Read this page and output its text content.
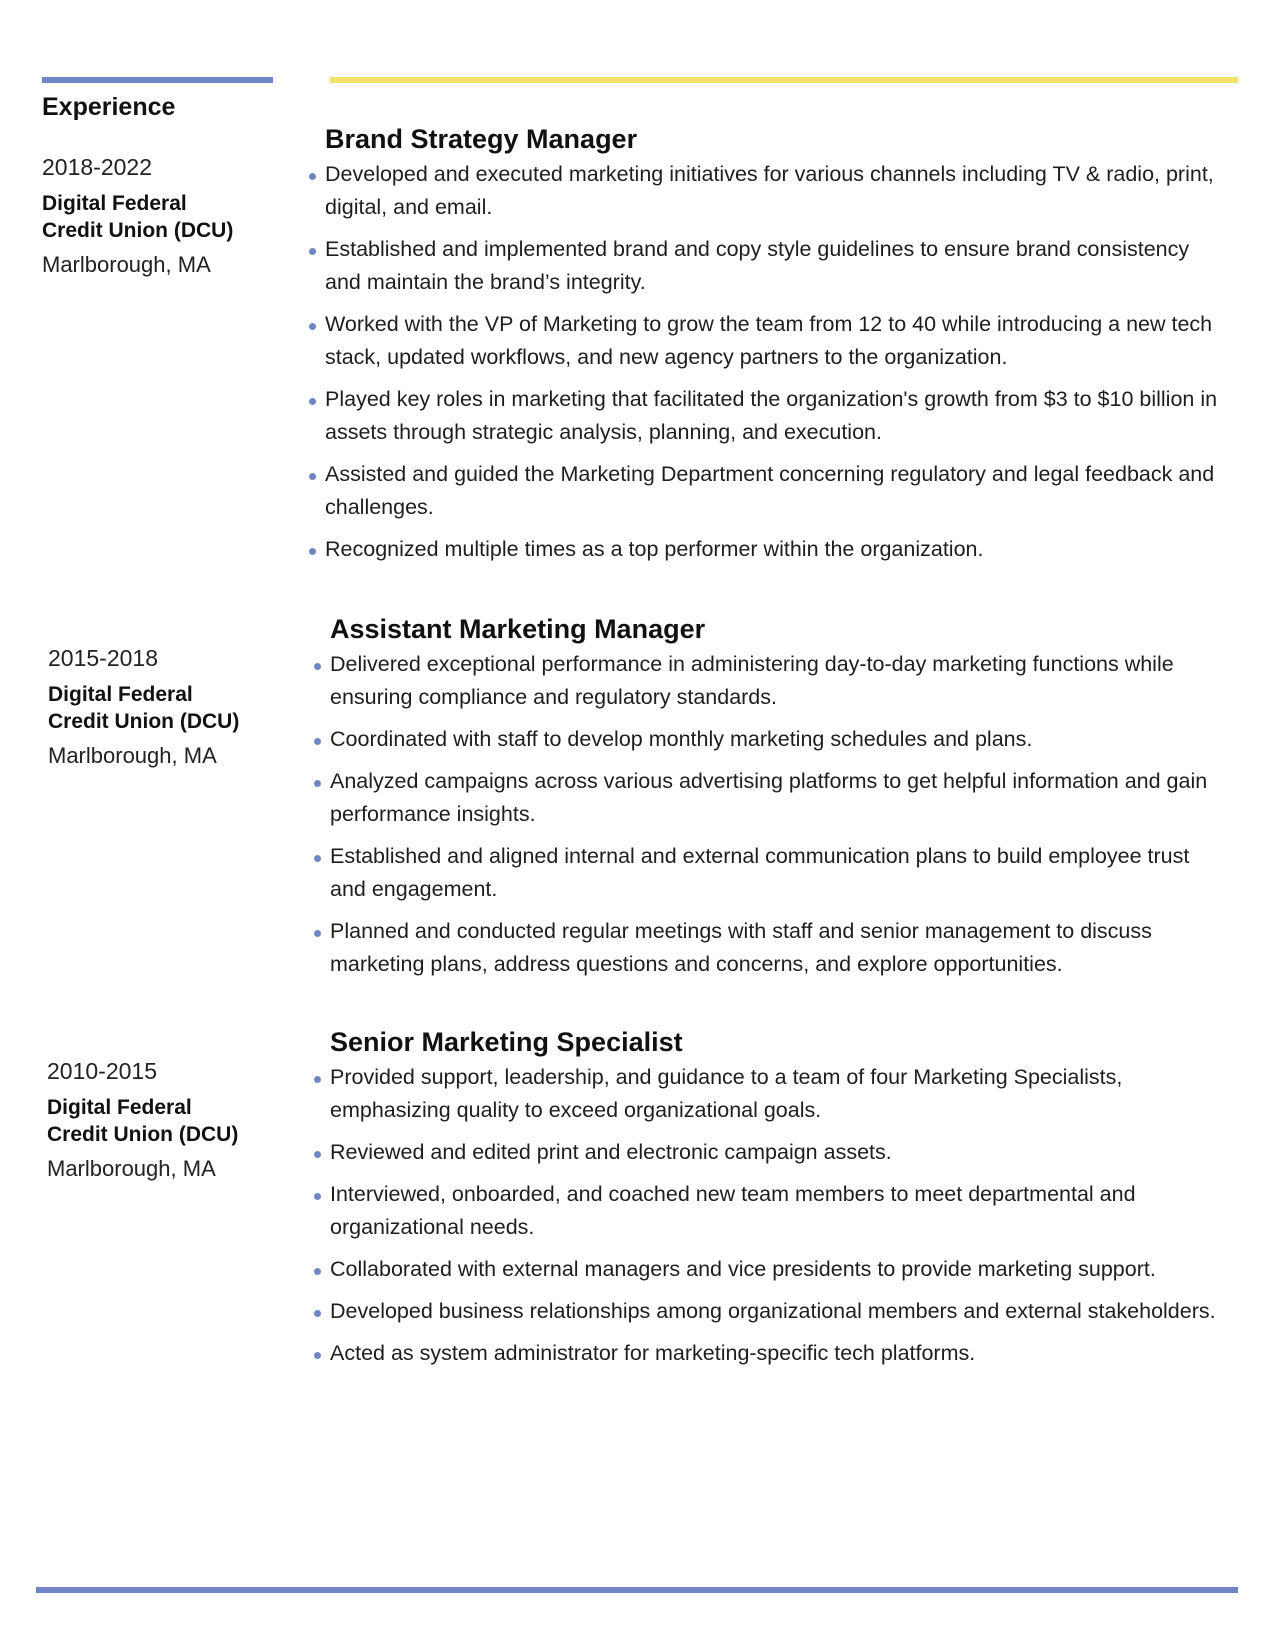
Experience
2018-2022
Digital Federal
Credit Union (DCU)
Marlborough, MA
Brand Strategy Manager
Developed and executed marketing initiatives for various channels including TV & radio, print, digital, and email.
Established and implemented brand and copy style guidelines to ensure brand consistency and maintain the brand’s integrity.
Worked with the VP of Marketing to grow the team from 12 to 40 while introducing a new tech stack, updated workflows, and new agency partners to the organization.
Played key roles in marketing that facilitated the organization's growth from $3 to $10 billion in assets through strategic analysis, planning, and execution.
Assisted and guided the Marketing Department concerning regulatory and legal feedback and challenges.
Recognized multiple times as a top performer within the organization.
2015-2018
Digital Federal
Credit Union (DCU)
Marlborough, MA
Assistant Marketing Manager
Delivered exceptional performance in administering day-to-day marketing functions while ensuring compliance and regulatory standards.
Coordinated with staff to develop monthly marketing schedules and plans.
Analyzed campaigns across various advertising platforms to get helpful information and gain performance insights.
Established and aligned internal and external communication plans to build employee trust and engagement.
Planned and conducted regular meetings with staff and senior management to discuss marketing plans, address questions and concerns, and explore opportunities.
2010-2015
Digital Federal
Credit Union (DCU)
Marlborough, MA
Senior Marketing Specialist
Provided support, leadership, and guidance to a team of four Marketing Specialists, emphasizing quality to exceed organizational goals.
Reviewed and edited print and electronic campaign assets.
Interviewed, onboarded, and coached new team members to meet departmental and organizational needs.
Collaborated with external managers and vice presidents to provide marketing support.
Developed business relationships among organizational members and external stakeholders.
Acted as system administrator for marketing-specific tech platforms.
